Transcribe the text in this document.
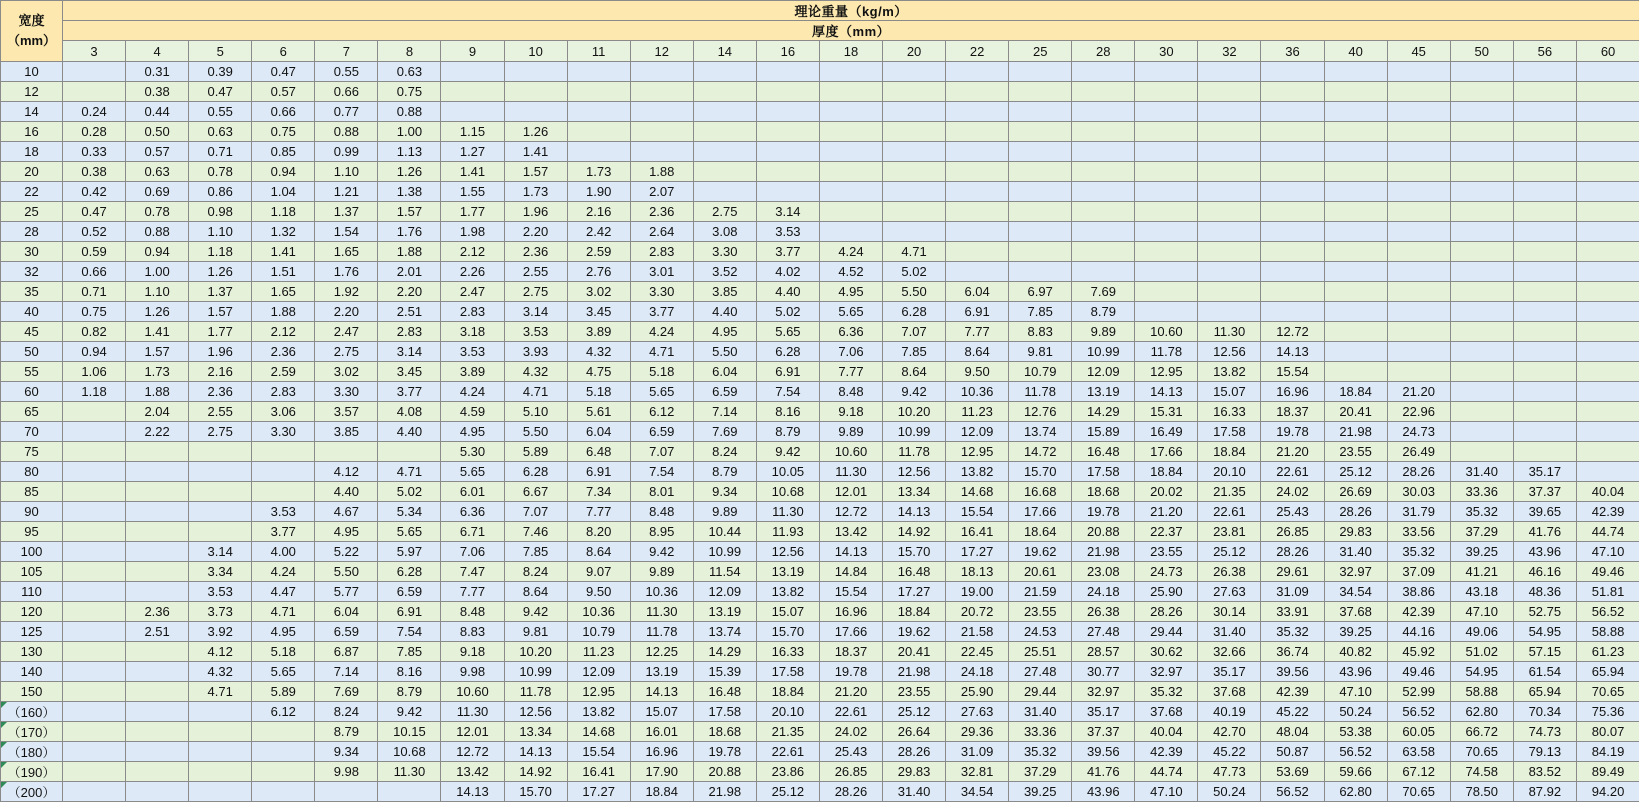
宽度
（mm）	理论重量（kg/m）																								
	厚度（mm）																								
	3	4	5	6	7	8	9	10	11	12	14	16	18	20	22	25	28	30	32	36	40	45	50	56	60
10		0.31	0.39	0.47	0.55	0.63																			
12		0.38	0.47	0.57	0.66	0.75																			
14	0.24	0.44	0.55	0.66	0.77	0.88																			
16	0.28	0.50	0.63	0.75	0.88	1.00	1.15	1.26																	
18	0.33	0.57	0.71	0.85	0.99	1.13	1.27	1.41																	
20	0.38	0.63	0.78	0.94	1.10	1.26	1.41	1.57	1.73	1.88															
22	0.42	0.69	0.86	1.04	1.21	1.38	1.55	1.73	1.90	2.07															
25	0.47	0.78	0.98	1.18	1.37	1.57	1.77	1.96	2.16	2.36	2.75	3.14													
28	0.52	0.88	1.10	1.32	1.54	1.76	1.98	2.20	2.42	2.64	3.08	3.53													
30	0.59	0.94	1.18	1.41	1.65	1.88	2.12	2.36	2.59	2.83	3.30	3.77	4.24	4.71											
32	0.66	1.00	1.26	1.51	1.76	2.01	2.26	2.55	2.76	3.01	3.52	4.02	4.52	5.02											
35	0.71	1.10	1.37	1.65	1.92	2.20	2.47	2.75	3.02	3.30	3.85	4.40	4.95	5.50	6.04	6.97	7.69								
40	0.75	1.26	1.57	1.88	2.20	2.51	2.83	3.14	3.45	3.77	4.40	5.02	5.65	6.28	6.91	7.85	8.79								
45	0.82	1.41	1.77	2.12	2.47	2.83	3.18	3.53	3.89	4.24	4.95	5.65	6.36	7.07	7.77	8.83	9.89	10.60	11.30	12.72					
50	0.94	1.57	1.96	2.36	2.75	3.14	3.53	3.93	4.32	4.71	5.50	6.28	7.06	7.85	8.64	9.81	10.99	11.78	12.56	14.13					
55	1.06	1.73	2.16	2.59	3.02	3.45	3.89	4.32	4.75	5.18	6.04	6.91	7.77	8.64	9.50	10.79	12.09	12.95	13.82	15.54					
60	1.18	1.88	2.36	2.83	3.30	3.77	4.24	4.71	5.18	5.65	6.59	7.54	8.48	9.42	10.36	11.78	13.19	14.13	15.07	16.96	18.84	21.20			
65		2.04	2.55	3.06	3.57	4.08	4.59	5.10	5.61	6.12	7.14	8.16	9.18	10.20	11.23	12.76	14.29	15.31	16.33	18.37	20.41	22.96			
70		2.22	2.75	3.30	3.85	4.40	4.95	5.50	6.04	6.59	7.69	8.79	9.89	10.99	12.09	13.74	15.89	16.49	17.58	19.78	21.98	24.73			
75							5.30	5.89	6.48	7.07	8.24	9.42	10.60	11.78	12.95	14.72	16.48	17.66	18.84	21.20	23.55	26.49			
80					4.12	4.71	5.65	6.28	6.91	7.54	8.79	10.05	11.30	12.56	13.82	15.70	17.58	18.84	20.10	22.61	25.12	28.26	31.40	35.17	
85					4.40	5.02	6.01	6.67	7.34	8.01	9.34	10.68	12.01	13.34	14.68	16.68	18.68	20.02	21.35	24.02	26.69	30.03	33.36	37.37	40.04
90				3.53	4.67	5.34	6.36	7.07	7.77	8.48	9.89	11.30	12.72	14.13	15.54	17.66	19.78	21.20	22.61	25.43	28.26	31.79	35.32	39.65	42.39
95				3.77	4.95	5.65	6.71	7.46	8.20	8.95	10.44	11.93	13.42	14.92	16.41	18.64	20.88	22.37	23.81	26.85	29.83	33.56	37.29	41.76	44.74
100			3.14	4.00	5.22	5.97	7.06	7.85	8.64	9.42	10.99	12.56	14.13	15.70	17.27	19.62	21.98	23.55	25.12	28.26	31.40	35.32	39.25	43.96	47.10
105			3.34	4.24	5.50	6.28	7.47	8.24	9.07	9.89	11.54	13.19	14.84	16.48	18.13	20.61	23.08	24.73	26.38	29.61	32.97	37.09	41.21	46.16	49.46
110			3.53	4.47	5.77	6.59	7.77	8.64	9.50	10.36	12.09	13.82	15.54	17.27	19.00	21.59	24.18	25.90	27.63	31.09	34.54	38.86	43.18	48.36	51.81
120		2.36	3.73	4.71	6.04	6.91	8.48	9.42	10.36	11.30	13.19	15.07	16.96	18.84	20.72	23.55	26.38	28.26	30.14	33.91	37.68	42.39	47.10	52.75	56.52
125		2.51	3.92	4.95	6.59	7.54	8.83	9.81	10.79	11.78	13.74	15.70	17.66	19.62	21.58	24.53	27.48	29.44	31.40	35.32	39.25	44.16	49.06	54.95	58.88
130			4.12	5.18	6.87	7.85	9.18	10.20	11.23	12.25	14.29	16.33	18.37	20.41	22.45	25.51	28.57	30.62	32.66	36.74	40.82	45.92	51.02	57.15	61.23
140			4.32	5.65	7.14	8.16	9.98	10.99	12.09	13.19	15.39	17.58	19.78	21.98	24.18	27.48	30.77	32.97	35.17	39.56	43.96	49.46	54.95	61.54	65.94
150			4.71	5.89	7.69	8.79	10.60	11.78	12.95	14.13	16.48	18.84	21.20	23.55	25.90	29.44	32.97	35.32	37.68	42.39	47.10	52.99	58.88	65.94	70.65
（160）				6.12	8.24	9.42	11.30	12.56	13.82	15.07	17.58	20.10	22.61	25.12	27.63	31.40	35.17	37.68	40.19	45.22	50.24	56.52	62.80	70.34	75.36
（170）					8.79	10.15	12.01	13.34	14.68	16.01	18.68	21.35	24.02	26.64	29.36	33.36	37.37	40.04	42.70	48.04	53.38	60.05	66.72	74.73	80.07
（180）					9.34	10.68	12.72	14.13	15.54	16.96	19.78	22.61	25.43	28.26	31.09	35.32	39.56	42.39	45.22	50.87	56.52	63.58	70.65	79.13	84.19
（190）					9.98	11.30	13.42	14.92	16.41	17.90	20.88	23.86	26.85	29.83	32.81	37.29	41.76	44.74	47.73	53.69	59.66	67.12	74.58	83.52	89.49
（200）							14.13	15.70	17.27	18.84	21.98	25.12	28.26	31.40	34.54	39.25	43.96	47.10	50.24	56.52	62.80	70.65	78.50	87.92	94.20
